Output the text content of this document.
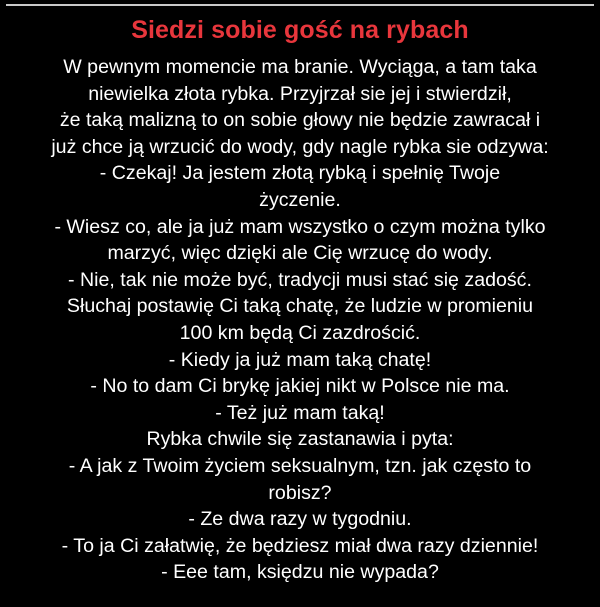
Siedzi sobie gość na rybach
W pewnym momencie ma branie. Wyciąga, a tam taka
niewielka złota rybka. Przyjrzał sie jej i stwierdził,
że taką malizną to on sobie głowy nie będzie zawracał i
już chce ją wrzucić do wody, gdy nagle rybka sie odzywa:
- Czekaj! Ja jestem złotą rybką i spełnię Twoje
życzenie.
- Wiesz co, ale ja już mam wszystko o czym można tylko
marzyć, więc dzięki ale Cię wrzucę do wody.
- Nie, tak nie może być, tradycji musi stać się zadość.
Słuchaj postawię Ci taką chatę, że ludzie w promieniu
100 km będą Ci zazdrościć.
- Kiedy ja już mam taką chatę!
- No to dam Ci brykę jakiej nikt w Polsce nie ma.
- Też już mam taką!
Rybka chwile się zastanawia i pyta:
- A jak z Twoim życiem seksualnym, tzn. jak często to
robisz?
- Ze dwa razy w tygodniu.
- To ja Ci załatwię, że będziesz miał dwa razy dziennie!
- Eee tam, księdzu nie wypada?
